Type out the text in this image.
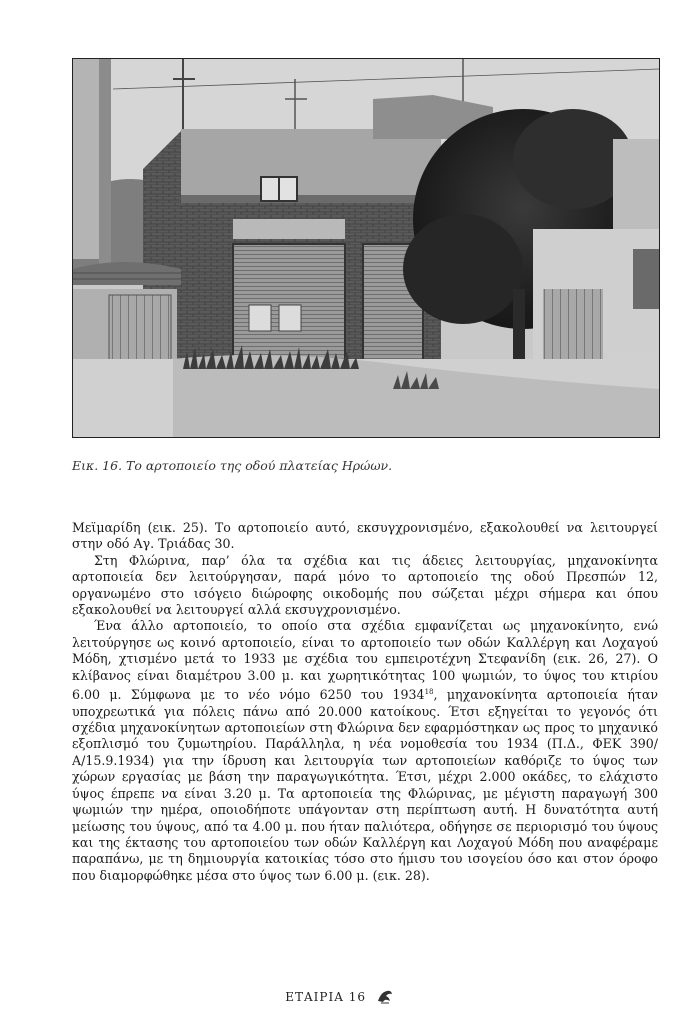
Εικ. 16. Το αρτοποιείο της οδού πλατείας Ηρώων.

Μεϊμαρίδη (εικ. 25). Το αρτοποιείο αυτό, εκσυγχρονισμένο, εξακολουθεί να λειτουργεί στην οδό Αγ. Τριάδας 30.

Στη Φλώρινα, παρ’ όλα τα σχέδια και τις άδειες λειτουργίας, μηχανοκίνητα αρτοποιεία δεν λειτούργησαν, παρά μόνο το αρτοποιείο της οδού Πρεσπών 12, οργανωμένο στο ισόγειο διώροφης οικοδομής που σώζεται μέχρι σήμερα και όπου εξακολουθεί να λειτουργεί αλλά εκσυγχρονισμένο.

Ένα άλλο αρτοποιείο, το οποίο στα σχέδια εμφανίζεται ως μηχανοκίνητο, ενώ λειτούργησε ως κοινό αρτοποιείο, είναι το αρτοποιείο των οδών Καλλέργη και Λοχαγού Μόδη, χτισμένο μετά το 1933 με σχέδια του εμπειροτέχνη Στεφανίδη (εικ. 26, 27). Ο κλίβανος είναι διαμέτρου 3.00 μ. και χωρητικότητας 100 ψωμιών, το ύψος του κτιρίου 6.00 μ. Σύμφωνα με το νέο νόμο 6250 του 1934$^{18}$, μηχανοκίνητα αρτοποιεία ήταν υποχρεωτικά για πόλεις πάνω από 20.000 κατοίκους. Έτσι εξηγείται το γεγονός ότι σχέδια μηχανοκίνητων αρτοποιείων στη Φλώρινα δεν εφαρμόστηκαν ως προς το μηχανικό εξοπλισμό του ζυμωτηρίου. Παράλληλα, η νέα νομοθεσία του 1934 (Π.Δ., ΦΕΚ 390/Α/15.9.1934) για την ίδρυση και λειτουργία των αρτοποιείων καθόριζε το ύψος των χώρων εργασίας με βάση την παραγωγικότητα. Έτσι, μέχρι 2.000 οκάδες, το ελάχιστο ύψος έπρεπε να είναι 3.20 μ. Τα αρτοποιεία της Φλώρινας, με μέγιστη παραγωγή 300 ψωμιών την ημέρα, οποιοδήποτε υπάγονταν στη περίπτωση αυτή. Η δυνατότητα αυτή μείωσης του ύψους, από τα 4.00 μ. που ήταν παλιότερα, οδήγησε σε περιορισμό του ύψους και της έκτασης του αρτοποιείου των οδών Καλλέργη και Λοχαγού Μόδη που αναφέραμε παραπάνω, με τη δημιουργία κατοικίας τόσο στο ήμισυ του ισογείου όσο και στον όροφο που διαμορφώθηκε μέσα στο ύψος των 6.00 μ. (εικ. 28).

ΕΤΑΙΡΙΑ 16
